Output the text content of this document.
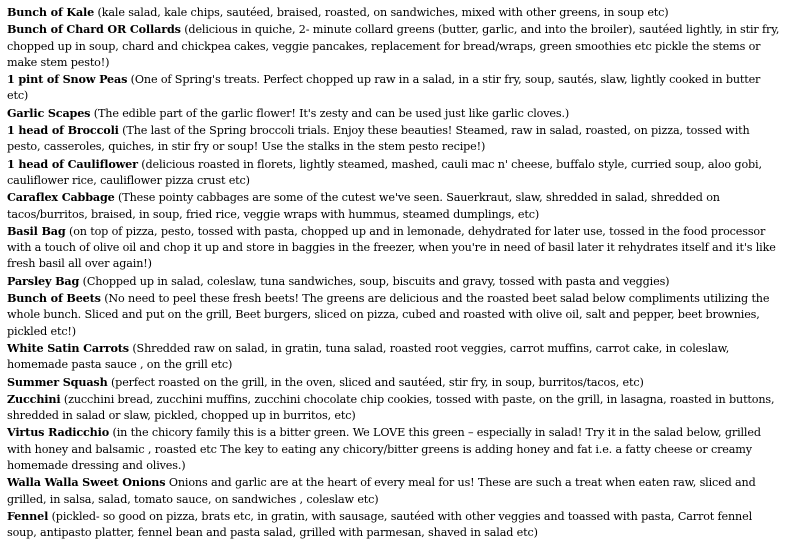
Bunch of Kale (kale salad, kale chips, sautéed, braised, roasted, on sandwiches, mixed with other greens, in soup etc)

Bunch of Chard OR Collards (delicious in quiche, 2- minute collard greens (butter, garlic, and into the broiler), sautéed lightly, in stir fry, chopped up in soup, chard and chickpea cakes, veggie pancakes, replacement for bread/wraps, green smoothies etc pickle the stems or make stem pesto!)

1 pint of Snow Peas (One of Spring's treats. Perfect chopped up raw in a salad, in a stir fry, soup, sautés, slaw, lightly cooked in butter etc)

Garlic Scapes (The edible part of the garlic flower! It's zesty and can be used just like garlic cloves.)

1 head of Broccoli (The last of the Spring broccoli trials. Enjoy these beauties! Steamed, raw in salad, roasted, on pizza, tossed with pesto, casseroles, quiches, in stir fry or soup! Use the stalks in the stem pesto recipe!)

1 head of Cauliflower (delicious roasted in florets, lightly steamed, mashed, cauli mac n' cheese, buffalo style, curried soup, aloo gobi, cauliflower rice, cauliflower pizza crust etc)

Caraflex Cabbage (These pointy cabbages are some of the cutest we've seen. Sauerkraut, slaw, shredded in salad, shredded on tacos/burritos, braised, in soup, fried rice, veggie wraps with hummus, steamed dumplings, etc)

Basil Bag (on top of pizza, pesto, tossed with pasta, chopped up and in lemonade, dehydrated for later use, tossed in the food processor with a touch of olive oil and chop it up and store in baggies in the freezer, when you're in need of basil later it rehydrates itself and it's like fresh basil all over again!)

Parsley Bag (Chopped up in salad, coleslaw, tuna sandwiches, soup, biscuits and gravy, tossed with pasta and veggies)

Bunch of Beets (No need to peel these fresh beets! The greens are delicious and the roasted beet salad below compliments utilizing the whole bunch. Sliced and put on the grill, Beet burgers, sliced on pizza, cubed and roasted with olive oil, salt and pepper, beet brownies, pickled etc!)

White Satin Carrots (Shredded raw on salad, in gratin, tuna salad, roasted root veggies, carrot muffins, carrot cake, in coleslaw, homemade pasta sauce , on the grill etc)

Summer Squash (perfect roasted on the grill, in the oven, sliced and sautéed, stir fry, in soup, burritos/tacos, etc)

Zucchini (zucchini bread, zucchini muffins, zucchini chocolate chip cookies, tossed with paste, on the grill, in lasagna, roasted in buttons, shredded in salad or slaw, pickled, chopped up in burritos, etc)

Virtus Radicchio (in the chicory family this is a bitter green. We LOVE this green – especially in salad! Try it in the salad below, grilled with honey and balsamic , roasted etc The key to eating any chicory/bitter greens is adding honey and fat i.e. a fatty cheese or creamy homemade dressing and olives.)

Walla Walla Sweet Onions Onions and garlic are at the heart of every meal for us! These are such a treat when eaten raw, sliced and grilled, in salsa, salad, tomato sauce, on sandwiches , coleslaw etc)

Fennel (pickled- so good on pizza, brats etc, in gratin, with sausage, sautéed with other veggies and toassed with pasta, Carrot fennel soup, antipasto platter, fennel bean and pasta salad, grilled with parmesan, shaved in salad etc)
